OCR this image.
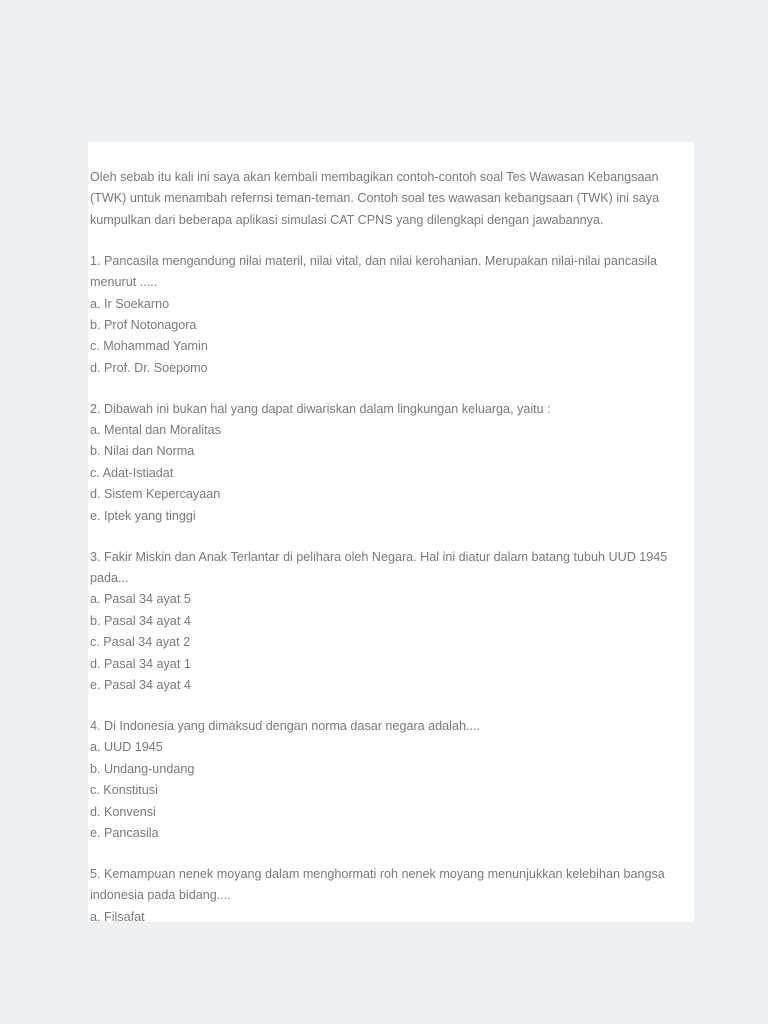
Oleh sebab itu kali ini saya akan kembali membagikan contoh-contoh soal Tes Wawasan Kebangsaan (TWK) untuk menambah refernsi teman-teman. Contoh soal tes wawasan kebangsaan (TWK) ini saya kumpulkan dari beberapa aplikasi simulasi CAT CPNS yang dilengkapi dengan jawabannya.

1. Pancasila mengandung nilai materil, nilai vital, dan nilai kerohanian. Merupakan nilai-nilai pancasila menurut .....
a. Ir Soekarno
b. Prof Notonagora
c. Mohammad Yamin
d. Prof. Dr. Soepomo

2. Dibawah ini bukan hal yang dapat diwariskan dalam lingkungan keluarga, yaitu :
a. Mental dan Moralitas
b. Nilai dan Norma
c. Adat-Istiadat
d. Sistem Kepercayaan
e. Iptek yang tinggi

3. Fakir Miskin dan Anak Terlantar di pelihara oleh Negara. Hal ini diatur dalam batang tubuh UUD 1945 pada...
a. Pasal 34 ayat 5
b. Pasal 34 ayat 4
c. Pasal 34 ayat 2
d. Pasal 34 ayat 1
e. Pasal 34 ayat 4

4. Di Indonesia yang dimaksud dengan norma dasar negara adalah....
a. UUD 1945
b. Undang-undang
c. Konstitusi
d. Konvensi
e. Pancasila

5. Kemampuan nenek moyang dalam menghormati roh nenek moyang menunjukkan kelebihan bangsa indonesia pada bidang....
a. Filsafat
